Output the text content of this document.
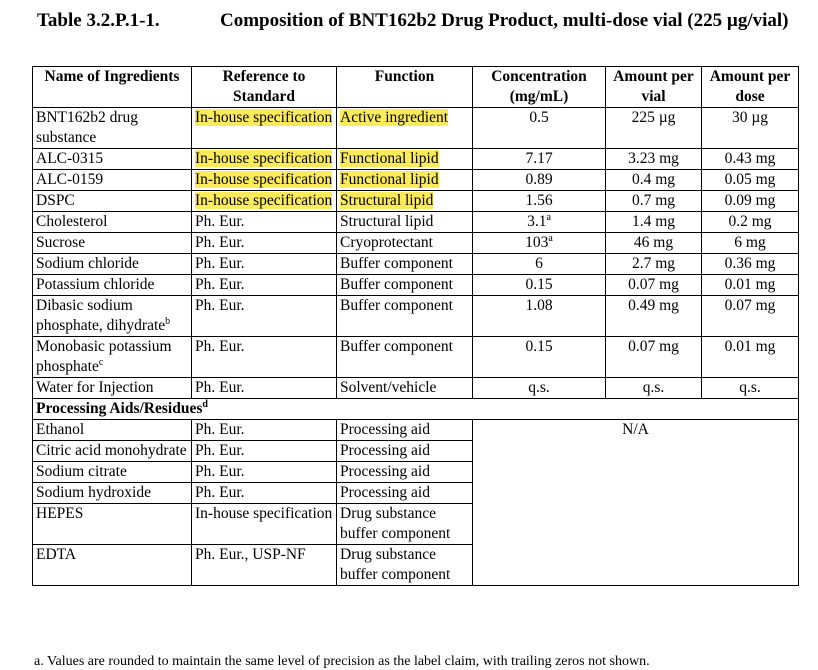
Table 3.2.P.1-1.	Composition of BNT162b2 Drug Product, multi-dose vial (225 µg/vial)
Name of Ingredients	Reference to Standard	Function	Concentration (mg/mL)	Amount per vial	Amount per dose
BNT162b2 drug substance	In-house specification	Active ingredient	0.5	225 µg	30 µg
ALC-0315	In-house specification	Functional lipid	7.17	3.23 mg	0.43 mg
ALC-0159	In-house specification	Functional lipid	0.89	0.4 mg	0.05 mg
DSPC	In-house specification	Structural lipid	1.56	0.7 mg	0.09 mg
Cholesterol	Ph. Eur.	Structural lipid	3.1$^a$	1.4 mg	0.2 mg
Sucrose	Ph. Eur.	Cryoprotectant	103$^a$	46 mg	6 mg
Sodium chloride	Ph. Eur.	Buffer component	6	2.7 mg	0.36 mg
Potassium chloride	Ph. Eur.	Buffer component	0.15	0.07 mg	0.01 mg
Dibasic sodium phosphate, dihydrate$^b$	Ph. Eur.	Buffer component	1.08	0.49 mg	0.07 mg
Monobasic potassium phosphate$^c$	Ph. Eur.	Buffer component	0.15	0.07 mg	0.01 mg
Water for Injection	Ph. Eur.	Solvent/vehicle	q.s.	q.s.	q.s.
Processing Aids/Residues$^d$
Ethanol	Ph. Eur.	Processing aid	N/A		
Citric acid monohydrate	Ph. Eur.	Processing aid			
Sodium citrate	Ph. Eur.	Processing aid			
Sodium hydroxide	Ph. Eur.	Processing aid			
HEPES	In-house specification	Drug substance buffer component			
EDTA	Ph. Eur., USP-NF	Drug substance buffer component			
a. Values are rounded to maintain the same level of precision as the label claim, with trailing zeros not shown.
